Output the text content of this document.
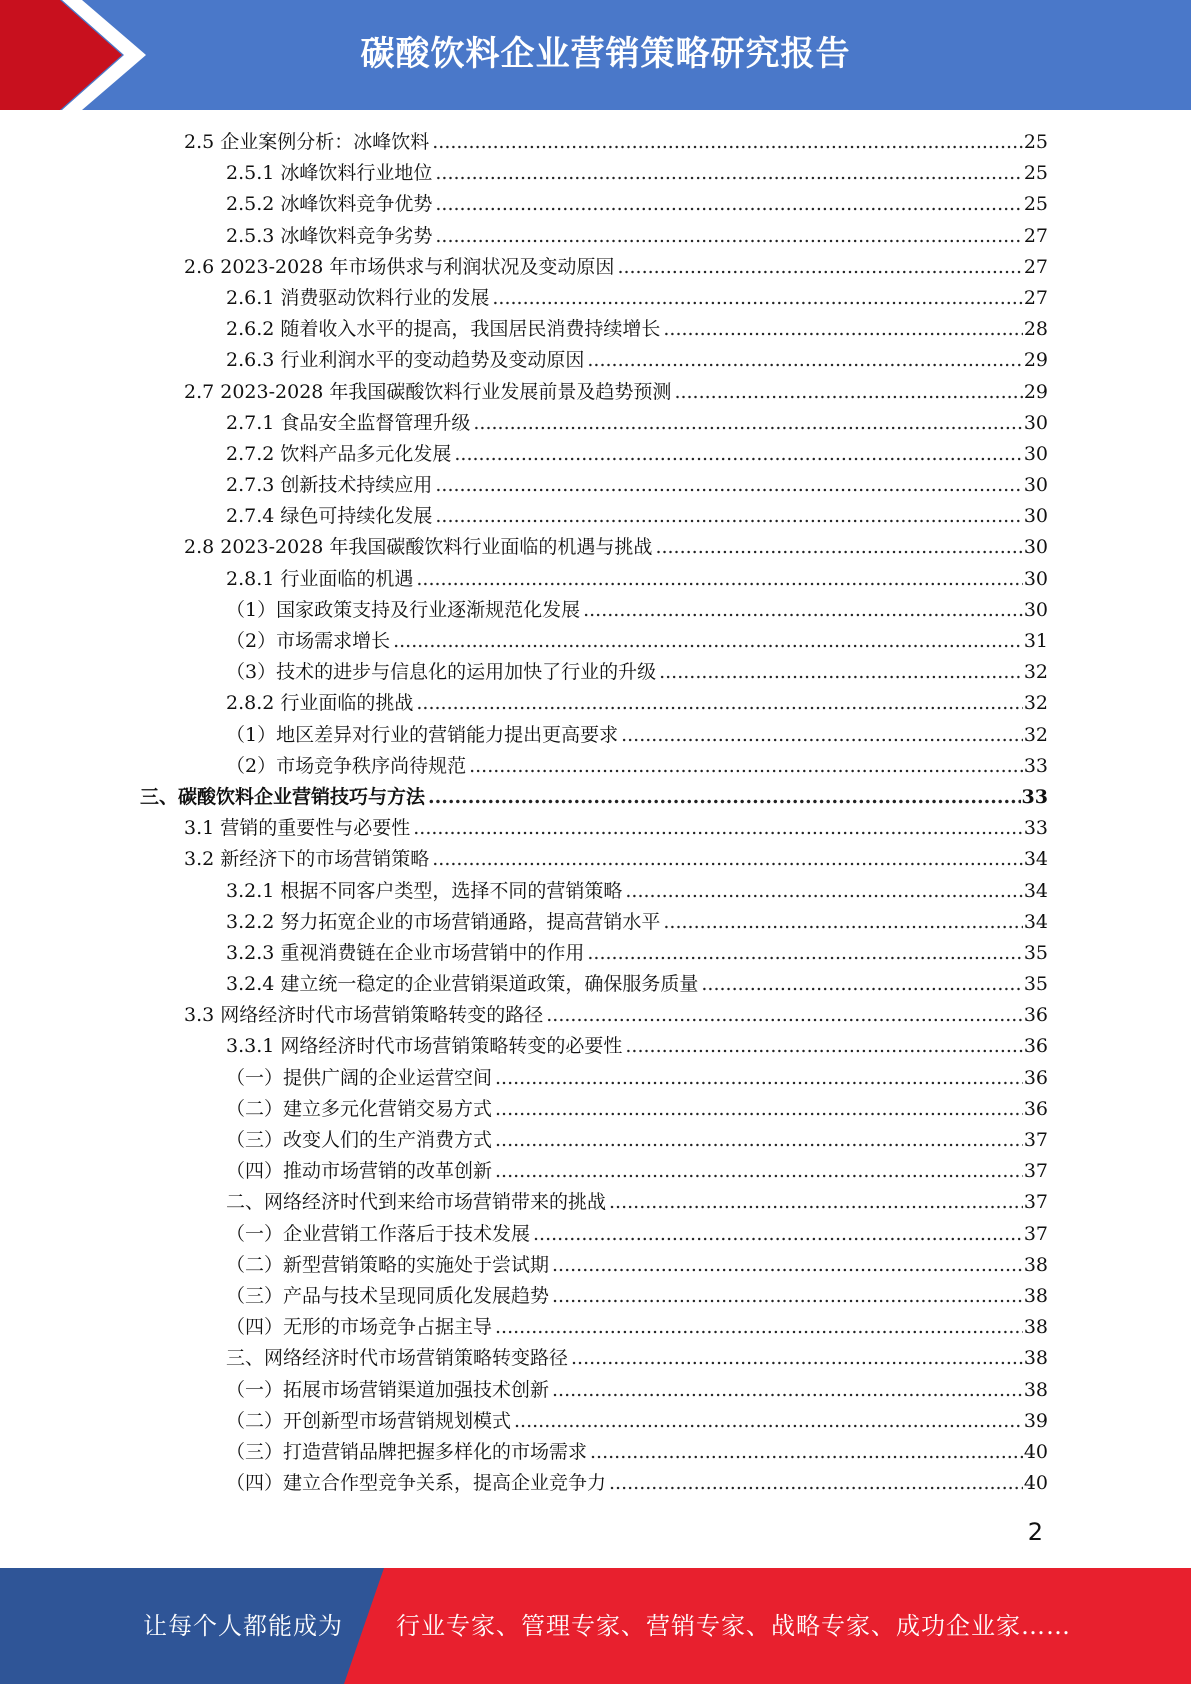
碳酸饮料企业营销策略研究报告
2.5 企业案例分析：冰峰饮料 .....	25
2.5.1 冰峰饮料行业地位 .....	25
2.5.2 冰峰饮料竞争优势 .....	25
2.5.3 冰峰饮料竞争劣势 .....	27
2.6 2023-2028 年市场供求与利润状况及变动原因 .....	27
2.6.1 消费驱动饮料行业的发展 .....	27
2.6.2 随着收入水平的提高，我国居民消费持续增长 .....	28
2.6.3 行业利润水平的变动趋势及变动原因 .....	29
2.7 2023-2028 年我国碳酸饮料行业发展前景及趋势预测 .....	29
2.7.1 食品安全监督管理升级 .....	30
2.7.2 饮料产品多元化发展 .....	30
2.7.3 创新技术持续应用 .....	30
2.7.4 绿色可持续化发展 .....	30
2.8 2023-2028 年我国碳酸饮料行业面临的机遇与挑战 .....	30
2.8.1 行业面临的机遇 .....	30
（1）国家政策支持及行业逐渐规范化发展 .....	30
（2）市场需求增长 .....	31
（3）技术的进步与信息化的运用加快了行业的升级 .....	32
2.8.2 行业面临的挑战 .....	32
（1）地区差异对行业的营销能力提出更高要求 .....	32
（2）市场竞争秩序尚待规范 .....	33
三、碳酸饮料企业营销技巧与方法 .....	33
3.1 营销的重要性与必要性 .....	33
3.2 新经济下的市场营销策略 .....	34
3.2.1 根据不同客户类型，选择不同的营销策略 .....	34
3.2.2 努力拓宽企业的市场营销通路，提高营销水平 .....	34
3.2.3 重视消费链在企业市场营销中的作用 .....	35
3.2.4 建立统一稳定的企业营销渠道政策，确保服务质量 .....	35
3.3 网络经济时代市场营销策略转变的路径 .....	36
3.3.1 网络经济时代市场营销策略转变的必要性 .....	36
（一）提供广阔的企业运营空间 .....	36
（二）建立多元化营销交易方式 .....	36
（三）改变人们的生产消费方式 .....	37
（四）推动市场营销的改革创新 .....	37
二、网络经济时代到来给市场营销带来的挑战 .....	37
（一）企业营销工作落后于技术发展 .....	37
（二）新型营销策略的实施处于尝试期 .....	38
（三）产品与技术呈现同质化发展趋势 .....	38
（四）无形的市场竞争占据主导 .....	38
三、网络经济时代市场营销策略转变路径 .....	38
（一）拓展市场营销渠道加强技术创新 .....	38
（二）开创新型市场营销规划模式 .....	39
（三）打造营销品牌把握多样化的市场需求 .....	40
（四）建立合作型竞争关系，提高企业竞争力 .....	40
2
让每个人都能成为 行业专家、管理专家、营销专家、战略专家、成功企业家……
